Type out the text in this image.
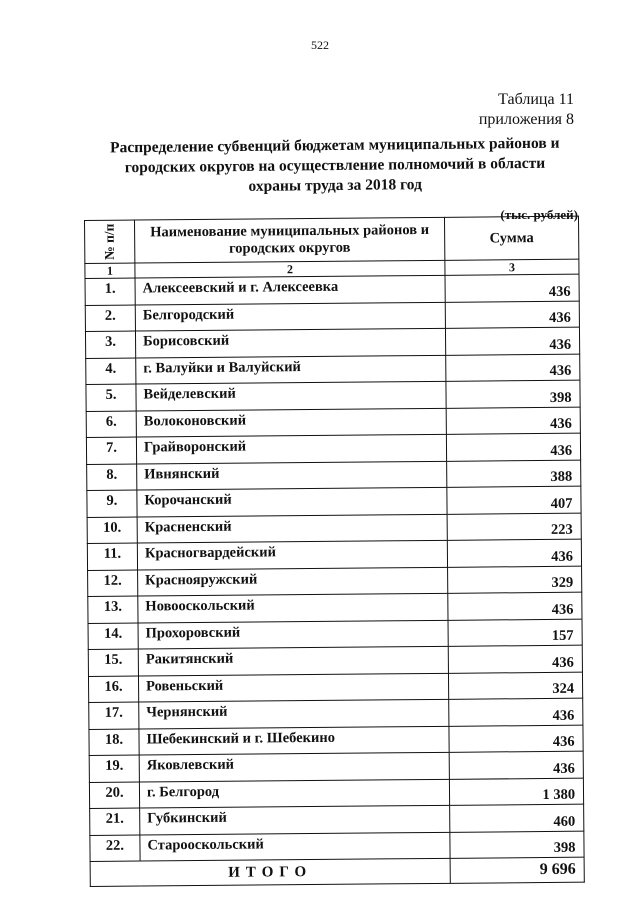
522
Таблица 11
приложения 8
Распределение субвенций бюджетам муниципальных районов и
городских округов на осуществление полномочий в области
охраны труда за 2018 год
(тыс. рублей)
№ п/п	Наименование муниципальных районов и городских округов	Сумма
1	2	3
1.	Алексеевский и г. Алексеевка	436
2.	Белгородский	436
3.	Борисовский	436
4.	г. Валуйки и Валуйский	436
5.	Вейделевский	398
6.	Волоконовский	436
7.	Грайворонский	436
8.	Ивнянский	388
9.	Корочанский	407
10.	Красненский	223
11.	Красногвардейский	436
12.	Краснояружский	329
13.	Новооскольский	436
14.	Прохоровский	157
15.	Ракитянский	436
16.	Ровеньский	324
17.	Чернянский	436
18.	Шебекинский и г. Шебекино	436
19.	Яковлевский	436
20.	г. Белгород	1 380
21.	Губкинский	460
22.	Старооскольский	398
ИТОГО		9 696
